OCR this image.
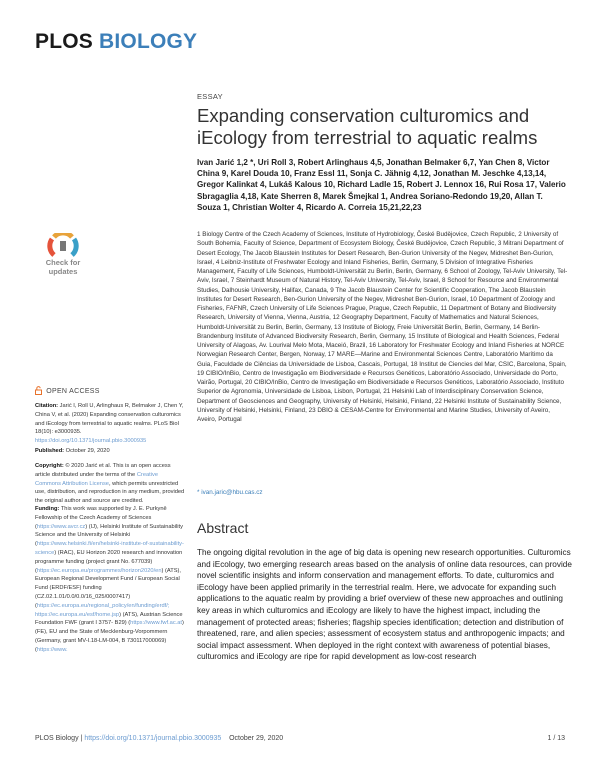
PLOS BIOLOGY
ESSAY
Expanding conservation culturomics and iEcology from terrestrial to aquatic realms
Ivan Jarić 1,2 *, Uri Roll 3, Robert Arlinghaus 4,5, Jonathan Belmaker 6,7, Yan Chen 8, Victor China 9, Karel Douda 10, Franz Essl 11, Sonja C. Jähnig 4,12, Jonathan M. Jeschke 4,13,14, Gregor Kalinkat 4, Lukáš Kalous 10, Richard Ladle 15, Robert J. Lennox 16, Rui Rosa 17, Valerio Sbragaglia 4,18, Kate Sherren 8, Marek Šmejkal 1, Andrea Soriano-Redondo 19,20, Allan T. Souza 1, Christian Wolter 4, Ricardo A. Correia 15,21,22,23
1 Biology Centre of the Czech Academy of Sciences, Institute of Hydrobiology, České Budějovice, Czech Republic, 2 University of South Bohemia, Faculty of Science, Department of Ecosystem Biology, České Budějovice, Czech Republic, 3 Mitrani Department of Desert Ecology, The Jacob Blaustein Institutes for Desert Research, Ben-Gurion University of the Negev, Midreshet Ben-Gurion, Israel, 4 Leibniz-Institute of Freshwater Ecology and Inland Fisheries, Berlin, Germany, 5 Division of Integrative Fisheries Management, Faculty of Life Sciences, Humboldt-Universität zu Berlin, Berlin, Germany, 6 School of Zoology, Tel-Aviv University, Tel-Aviv, Israel, 7 Steinhardt Museum of Natural History, Tel-Aviv University, Tel-Aviv, Israel, 8 School for Resource and Environmental Studies, Dalhousie University, Halifax, Canada, 9 The Jacob Blaustein Center for Scientific Cooperation, The Jacob Blaustein Institutes for Desert Research, Ben-Gurion University of the Negev, Midreshet Ben-Gurion, Israel, 10 Department of Zoology and Fisheries, FAFNR, Czech University of Life Sciences Prague, Prague, Czech Republic, 11 Department of Botany and Biodiversity Research, University of Vienna, Vienna, Austria, 12 Geography Department, Faculty of Mathematics and Natural Sciences, Humboldt-Universität zu Berlin, Berlin, Germany, 13 Institute of Biology, Freie Universität Berlin, Berlin, Germany, 14 Berlin-Brandenburg Institute of Advanced Biodiversity Research, Berlin, Germany, 15 Institute of Biological and Health Sciences, Federal University of Alagoas, Av. Lourival Melo Mota, Maceió, Brazil, 16 Laboratory for Freshwater Ecology and Inland Fisheries at NORCE Norwegian Research Center, Bergen, Norway, 17 MARE—Marine and Environmental Sciences Centre, Laboratório Marítimo da Guia, Faculdade de Ciências da Universidade de Lisboa, Cascais, Portugal, 18 Institut de Ciencies del Mar, CSIC, Barcelona, Spain, 19 CIBIO/InBio, Centro de Investigação em Biodiversidade e Recursos Genéticos, Laboratório Associado, Universidade do Porto, Vairão, Portugal, 20 CIBIO/InBio, Centro de Investigação em Biodiversidade e Recursos Genéticos, Laboratório Associado, Instituto Superior de Agronomia, Universidade de Lisboa, Lisbon, Portugal, 21 Helsinki Lab of Interdisciplinary Conservation Science, Department of Geosciences and Geography, University of Helsinki, Helsinki, Finland, 22 Helsinki Institute of Sustainability Science, University of Helsinki, Helsinki, Finland, 23 DBIO & CESAM-Centre for Environmental and Marine Studies, University of Aveiro, Aveiro, Portugal
* ivan.jaric@hbu.cas.cz
Abstract
The ongoing digital revolution in the age of big data is opening new research opportunities. Culturomics and iEcology, two emerging research areas based on the analysis of online data resources, can provide novel scientific insights and inform conservation and management efforts. To date, culturomics and iEcology have been applied primarily in the terrestrial realm. Here, we advocate for expanding such applications to the aquatic realm by providing a brief overview of these new approaches and outlining key areas in which culturomics and iEcology are likely to have the highest impact, including the management of protected areas; fisheries; flagship species identification; detection and distribution of threatened, rare, and alien species; assessment of ecosystem status and anthropogenic impacts; and social impact assessment. When deployed in the right context with awareness of potential biases, culturomics and iEcology are ripe for rapid development as low-cost research
Check for
updates
OPEN ACCESS
Citation: Jarić I, Roll U, Arlinghaus R, Belmaker J, Chen Y, China V, et al. (2020) Expanding conservation culturomics and iEcology from terrestrial to aquatic realms. PLoS Biol 18(10): e3000935. https://doi.org/10.1371/journal.pbio.3000935
Published: October 29, 2020
Copyright: © 2020 Jarić et al. This is an open access article distributed under the terms of the Creative Commons Attribution License, which permits unrestricted use, distribution, and reproduction in any medium, provided the original author and source are credited.
Funding: This work was supported by J. E. Purkyně Fellowship of the Czech Academy of Sciences (https://www.avcr.cz) (IJ), Helsinki Institute of Sustainability Science and the University of Helsinki (https://www.helsinki.fi/en/helsinki-institute-of-sustainability-science) (RAC), EU Horizon 2020 research and innovation programme funding (project grant No. 677039) (https://ec.europa.eu/programmes/horizon2020/en) (ATS), European Regional Development Fund / European Social Fund (ERDF/ESF) funding (CZ.02.1.01/0.0/0.0/16_025/0007417) (https://ec.europa.eu/regional_policy/en/funding/erdf/; https://ec.europa.eu/esf/home.jsp) (ATS), Austrian Science Foundation FWF (grant I 3757- B29) (https://www.fwf.ac.at) (FE), EU and the State of Mecklenburg-Vorpommern (Germany, grant MV-I.18-LM-004, B 730117000069) (https://www.
PLOS Biology | https://doi.org/10.1371/journal.pbio.3000935 October 29, 2020	1 / 13
